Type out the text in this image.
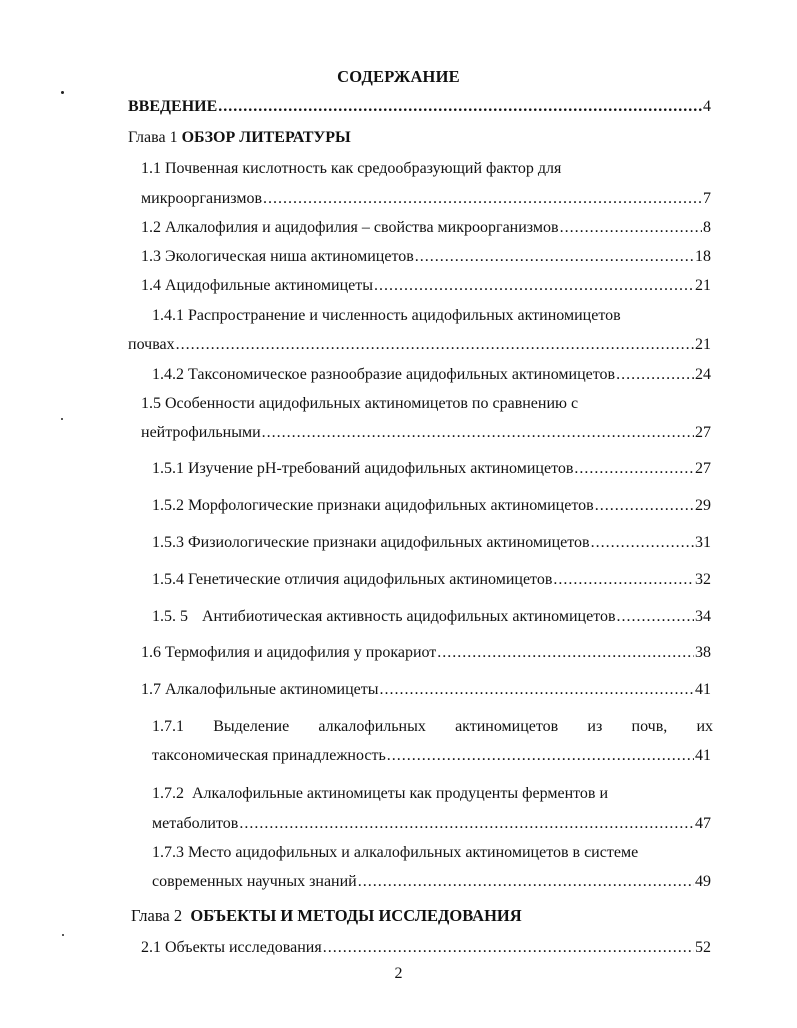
СОДЕРЖАНИЕ
ВВЕДЕНИЕ .....	4
Глава 1
ОБЗОР ЛИТЕРАТУРЫ
1.1 Почвенная кислотность как средообразующий фактор для
микроорганизмов .....	7
1.2 Алкалофилия и ацидофилия – свойства микроорганизмов .....	8
1.3 Экологическая ниша актиномицетов .....	18
1.4 Ацидофильные актиномицеты .....	21
1.4.1 Распространение и численность ацидофильных актиномицетов
почвах .....	21
1.4.2 Таксономическое разнообразие ацидофильных актиномицетов .....	24
1.5 Особенности ацидофильных актиномицетов по сравнению с
нейтрофильными .....	27
1.5.1 Изучение pH-требований ацидофильных актиномицетов .....	27
1.5.2 Морфологические признаки ацидофильных актиномицетов .....	29
1.5.3 Физиологические признаки ацидофильных актиномицетов .....	31
1.5.4 Генетические отличия ацидофильных актиномицетов .....	32
1.5. 5 Антибиотическая активность ацидофильных актиномицетов .....	34
1.6 Термофилия и ацидофилия у прокариот .....	38
1.7 Алкалофильные актиномицеты .....	41
1.7.1 Выделение алкалофильных актиномицетов из почв, их
таксономическая принадлежность .....	41
1.7.2  Алкалофильные актиномицеты как продуценты ферментов и
метаболитов .....	47
1.7.3 Место ацидофильных и алкалофильных актиномицетов в системе
современных научных знаний .....	49
Глава 2
ОБЪЕКТЫ И МЕТОДЫ ИССЛЕДОВАНИЯ
2.1 Объекты исследования .....	52
2
